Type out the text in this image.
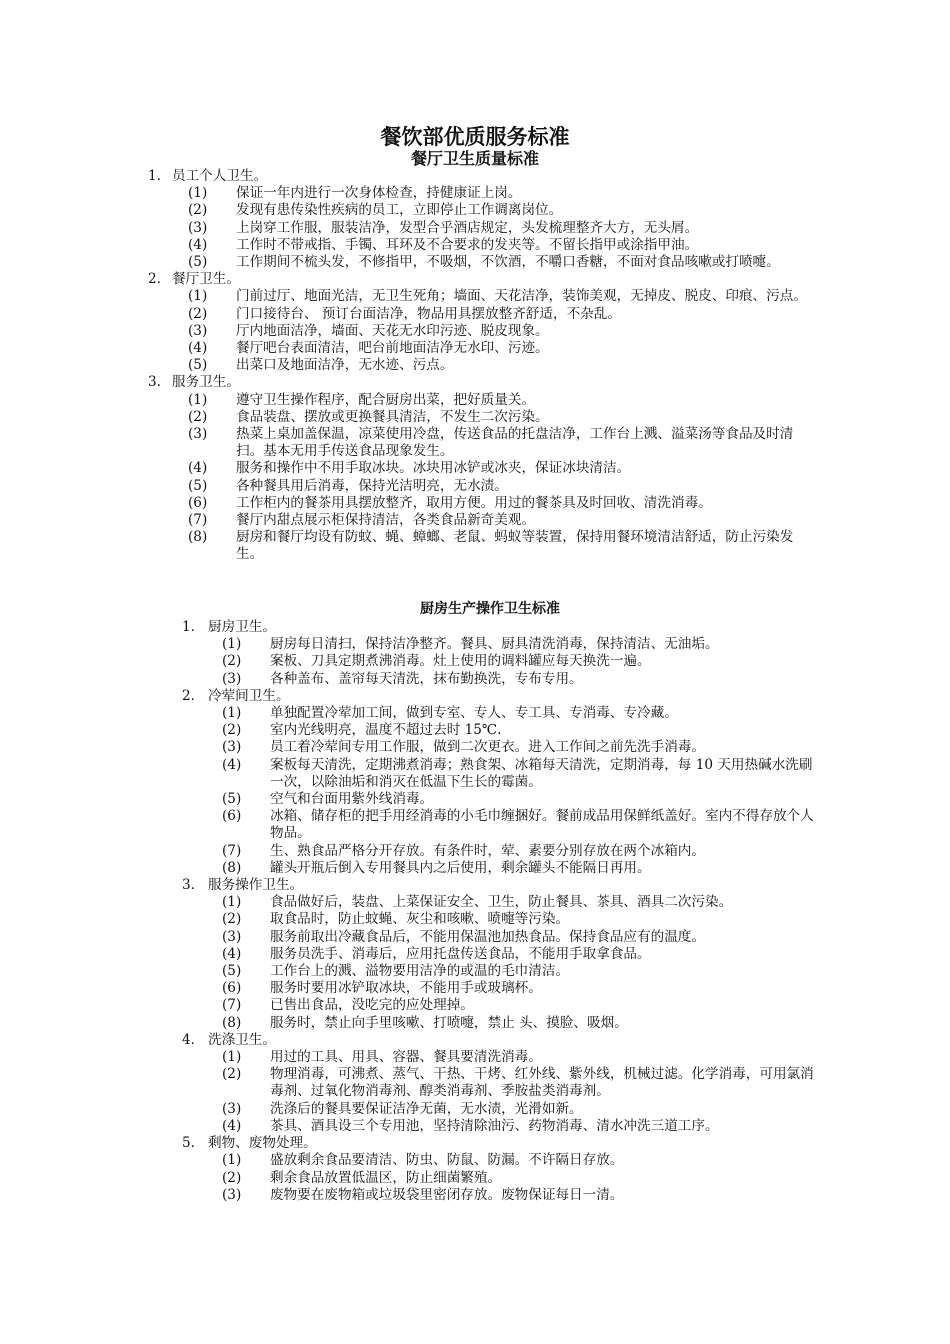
餐饮部优质服务标准
餐厅卫生质量标准
1. 员工个人卫生。
(1)	保证一年内进行一次身体检查，持健康证上岗。
(2)	发现有患传染性疾病的员工，立即停止工作调离岗位。
(3)	上岗穿工作服，服装洁净，发型合乎酒店规定，头发梳理整齐大方，无头屑。
(4)	工作时不带戒指、手镯、耳环及不合要求的发夹等。不留长指甲或涂指甲油。
(5)	工作期间不梳头发，不修指甲，不吸烟，不饮酒，不嚼口香糖，不面对食品咳嗽或打喷嚏。
2. 餐厅卫生。
(1)	门前过厅、地面光洁，无卫生死角；墙面、天花洁净，装饰美观，无掉皮、脱皮、印痕、污点。
(2)	门口接待台、 预订台面洁净，物品用具摆放整齐舒适，不杂乱。
(3)	厅内地面洁净，墙面、天花无水印污迹、脱皮现象。
(4)	餐厅吧台表面清洁，吧台前地面洁净无水印、污迹。
(5)	出菜口及地面洁净，无水迹、污点。
3. 服务卫生。
(1)	遵守卫生操作程序，配合厨房出菜，把好质量关。
(2)	食品装盘、摆放或更换餐具清洁，不发生二次污染。
(3)	热菜上桌加盖保温，凉菜使用冷盘，传送食品的托盘洁净，工作台上溅、溢菜汤等食品及时清扫。基本无用手传送食品现象发生。
(4)	服务和操作中不用手取冰块。冰块用冰铲或冰夹，保证冰块清洁。
(5)	各种餐具用后消毒，保持光洁明亮，无水渍。
(6)	工作柜内的餐茶用具摆放整齐，取用方便。用过的餐茶具及时回收、清洗消毒。
(7)	餐厅内甜点展示柜保持清洁，各类食品新奇美观。
(8)	厨房和餐厅均设有防蚊、蝇、蟑螂、老鼠、蚂蚁等装置，保持用餐环境清洁舒适，防止污染发生。
厨房生产操作卫生标准
1. 厨房卫生。
(1)	厨房每日清扫，保持洁净整齐。餐具、厨具清洗消毒，保持清洁、无油垢。
(2)	案板、刀具定期煮沸消毒。灶上使用的调料罐应每天换洗一遍。
(3)	各种盖布、盖帘每天清洗，抹布勤换洗，专布专用。
2. 冷荤间卫生。
(1)	单独配置冷荤加工间，做到专室、专人、专工具、专消毒、专冷藏。
(2)	室内光线明亮，温度不超过去时 15℃.
(3)	员工着冷荤间专用工作服，做到二次更衣。进入工作间之前先洗手消毒。
(4)	案板每天清洗，定期沸煮消毒；熟食架、冰箱每天清洗，定期消毒，每 10 天用热碱水洗刷一次，以除油垢和消灭在低温下生长的霉菌。
(5)	空气和台面用紫外线消毒。
(6)	冰箱、储存柜的把手用经消毒的小毛巾缠捆好。餐前成品用保鲜纸盖好。室内不得存放个人物品。
(7)	生、熟食品严格分开存放。有条件时，荤、素要分别存放在两个冰箱内。
(8)	罐头开瓶后倒入专用餐具内之后使用，剩余罐头不能隔日再用。
3. 服务操作卫生。
(1)	食品做好后，装盘、上菜保证安全、卫生，防止餐具、茶具、酒具二次污染。
(2)	取食品时，防止蚊蝇、灰尘和咳嗽、喷嚏等污染。
(3)	服务前取出冷藏食品后，不能用保温池加热食品。保持食品应有的温度。
(4)	服务员洗手、消毒后，应用托盘传送食品，不能用手取拿食品。
(5)	工作台上的溅、溢物要用洁净的或温的毛巾清洁。
(6)	服务时要用冰铲取冰块，不能用手或玻璃杯。
(7)	已售出食品，没吃完的应处理掉。
(8)	服务时，禁止向手里咳嗽、打喷嚏，禁止 头、摸脸、吸烟。
4. 洗涤卫生。
(1)	用过的工具、用具、容器、餐具要清洗消毒。
(2)	物理消毒，可沸煮、蒸气、干热、干烤、红外线、紫外线，机械过滤。化学消毒，可用氯消毒剂、过氧化物消毒剂、醇类消毒剂、季胺盐类消毒剂。
(3)	洗涤后的餐具要保证洁净无菌，无水渍，光滑如新。
(4)	茶具、酒具设三个专用池，坚持清除油污、药物消毒、清水冲洗三道工序。
5. 剩物、废物处理。
(1)	盛放剩余食品要清洁、防虫、防鼠、防漏。不许隔日存放。
(2)	剩余食品放置低温区，防止细菌繁殖。
(3)	废物要在废物箱或垃圾袋里密闭存放。废物保证每日一清。
